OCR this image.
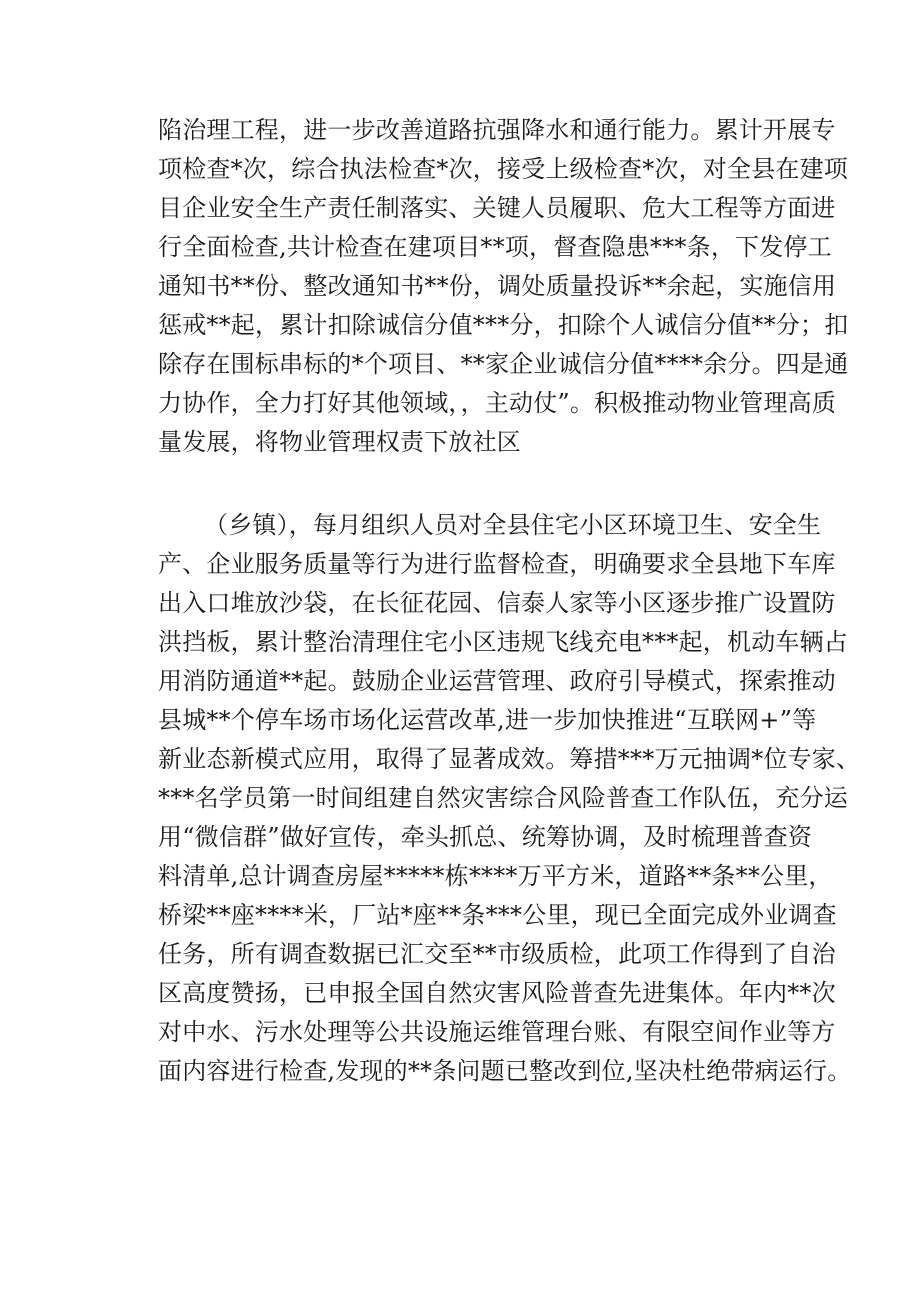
陷治理工程，进一步改善道路抗强降水和通行能力。累计开展专
项检查*次，综合执法检查*次，接受上级检查*次，对全县在建项
目企业安全生产责任制落实、关键人员履职、危大工程等方面进
行全面检查,共计检查在建项目**项，督查隐患***条，下发停工
通知书**份、整改通知书**份，调处质量投诉**余起，实施信用
惩戒**起，累计扣除诚信分值***分，扣除个人诚信分值**分；扣
除存在围标串标的*个项目、**家企业诚信分值****余分。四是通
力协作，全力打好其他领域，，主动仗”。积极推动物业管理高质
量发展，将物业管理权责下放社区
（乡镇），每月组织人员对全县住宅小区环境卫生、安全生
产、企业服务质量等行为进行监督检查，明确要求全县地下车库
出入口堆放沙袋，在长征花园、信泰人家等小区逐步推广设置防
洪挡板，累计整治清理住宅小区违规飞线充电***起，机动车辆占
用消防通道**起。鼓励企业运营管理、政府引导模式，探索推动
县城**个停车场市场化运营改革,进一步加快推进“互联网+”等
新业态新模式应用，取得了显著成效。筹措***万元抽调*位专家、
***名学员第一时间组建自然灾害综合风险普查工作队伍，充分运
用“微信群”做好宣传，牵头抓总、统筹协调，及时梳理普查资
料清单,总计调查房屋*****栋****万平方米，道路**条**公里，
桥梁**座****米，厂站*座**条***公里，现已全面完成外业调查
任务，所有调查数据已汇交至**市级质检，此项工作得到了自治
区高度赞扬，已申报全国自然灾害风险普查先进集体。年内**次
对中水、污水处理等公共设施运维管理台账、有限空间作业等方
面内容进行检查,发现的**条问题已整改到位,坚决杜绝带病运行。
